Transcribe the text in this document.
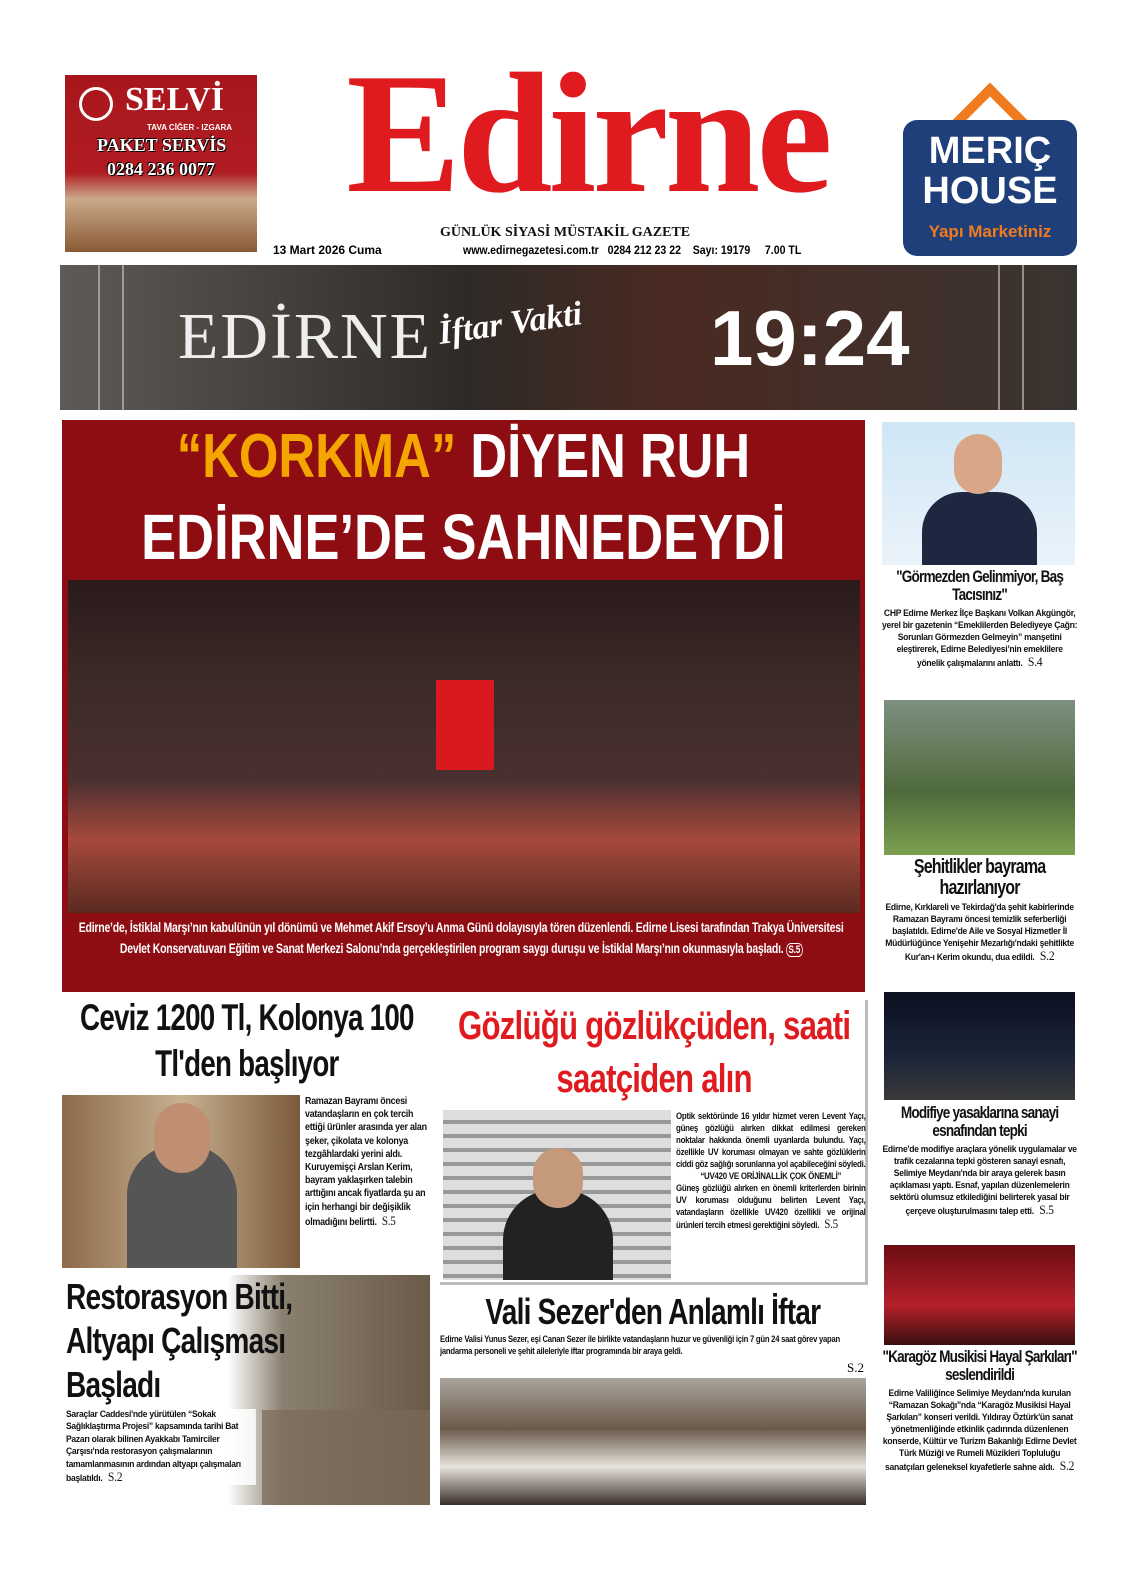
SELVİ
TAVA CİĞER - IZGARA
PAKET SERVİS
0284 236 0077 Edirne
GÜNLÜK SİYASİ MÜSTAKİL GAZETE
13 Mart 2026 Cuma	www.edirnegazetesi.com.tr 0284 212 23 22 Sayı: 19179 7.00 TL
MERIÇ
HOUSE
Yapı Marketiniz
EDİRNE İftar Vakti 19:24
“KORKMA” DİYEN RUH
EDİRNE’DE SAHNEDEYDİ
Edirne’de, İstiklal Marşı’nın kabulünün yıl dönümü ve Mehmet Akif Ersoy’u Anma Günü dolayısıyla tören düzenlendi. Edirne Lisesi tarafından Trakya Üniversitesi Devlet Konservatuvarı Eğitim ve Sanat Merkezi Salonu’nda gerçekleştirilen program saygı duruşu ve İstiklal Marşı’nın okunmasıyla başladı. S.5
"Görmezden Gelinmiyor, Baş Tacısınız"
CHP Edirne Merkez İlçe Başkanı Volkan Akgüngör, yerel bir gazetenin “Emeklilerden Belediyeye Çağrı: Sorunları Görmezden Gelmeyin” manşetini eleştirerek, Edirne Belediyesi’nin emeklilere yönelik çalışmalarını anlattı. S.4
Şehitlikler bayrama hazırlanıyor
Edirne, Kırklareli ve Tekirdağ'da şehit kabirlerinde Ramazan Bayramı öncesi temizlik seferberliği başlatıldı. Edirne'de Aile ve Sosyal Hizmetler İl Müdürlüğünce Yenişehir Mezarlığı'ndaki şehitlikte Kur'an-ı Kerim okundu, dua edildi. S.2
Modifiye yasaklarına sanayi esnafından tepki
Edirne'de modifiye araçlara yönelik uygulamalar ve trafik cezalarına tepki gösteren sanayi esnafı, Selimiye Meydanı'nda bir araya gelerek basın açıklaması yaptı. Esnaf, yapılan düzenlemelerin sektörü olumsuz etkilediğini belirterek yasal bir çerçeve oluşturulmasını talep etti. S.5
"Karagöz Musikisi Hayal Şarkıları" seslendirildi
Edirne Valiliğince Selimiye Meydanı'nda kurulan “Ramazan Sokağı”nda “Karagöz Musikisi Hayal Şarkıları” konseri verildi. Yıldıray Öztürk'ün sanat yönetmenliğinde etkinlik çadırında düzenlenen konserde, Kültür ve Turizm Bakanlığı Edirne Devlet Türk Müziği ve Rumeli Müzikleri Topluluğu sanatçıları geleneksel kıyafetlerle sahne aldı. S.2
Ceviz 1200 Tl, Kolonya 100 Tl'den başlıyor
Ramazan Bayramı öncesi vatandaşların en çok tercih ettiği ürünler arasında yer alan şeker, çikolata ve kolonya tezgâhlardaki yerini aldı. Kuruyemişçi Arslan Kerim, bayram yaklaşırken talebin arttığını ancak fiyatlarda şu an için herhangi bir değişiklik olmadığını belirtti. S.5
Gözlüğü gözlükçüden, saati saatçiden alın
Optik sektöründe 16 yıldır hizmet veren Levent Yaçı, güneş gözlüğü alırken dikkat edilmesi gereken noktalar hakkında önemli uyarılarda bulundu. Yaçı, özellikle UV koruması olmayan ve sahte gözlüklerin ciddi göz sağlığı sorunlarına yol açabileceğini söyledi.

“UV420 VE ORİJİNALLİK ÇOK ÖNEMLİ”
Güneş gözlüğü alırken en önemli kriterlerden birinin UV koruması olduğunu belirten Levent Yaçı, vatandaşların özellikle UV420 özellikli ve orijinal ürünleri tercih etmesi gerektiğini söyledi. S.5
Restorasyon Bitti, Altyapı Çalışması Başladı
Saraçlar Caddesi'nde yürütülen “Sokak Sağlıklaştırma Projesi” kapsamında tarihi Bat Pazarı olarak bilinen Ayakkabı Tamirciler Çarşısı'nda restorasyon çalışmalarının tamamlanmasının ardından altyapı çalışmaları başlatıldı. S.2
Vali Sezer'den Anlamlı İftar
Edirne Valisi Yunus Sezer, eşi Canan Sezer ile birlikte vatandaşların huzur ve güvenliği için 7 gün 24 saat görev yapan jandarma personeli ve şehit aileleriyle iftar programında bir araya geldi.
S.2
